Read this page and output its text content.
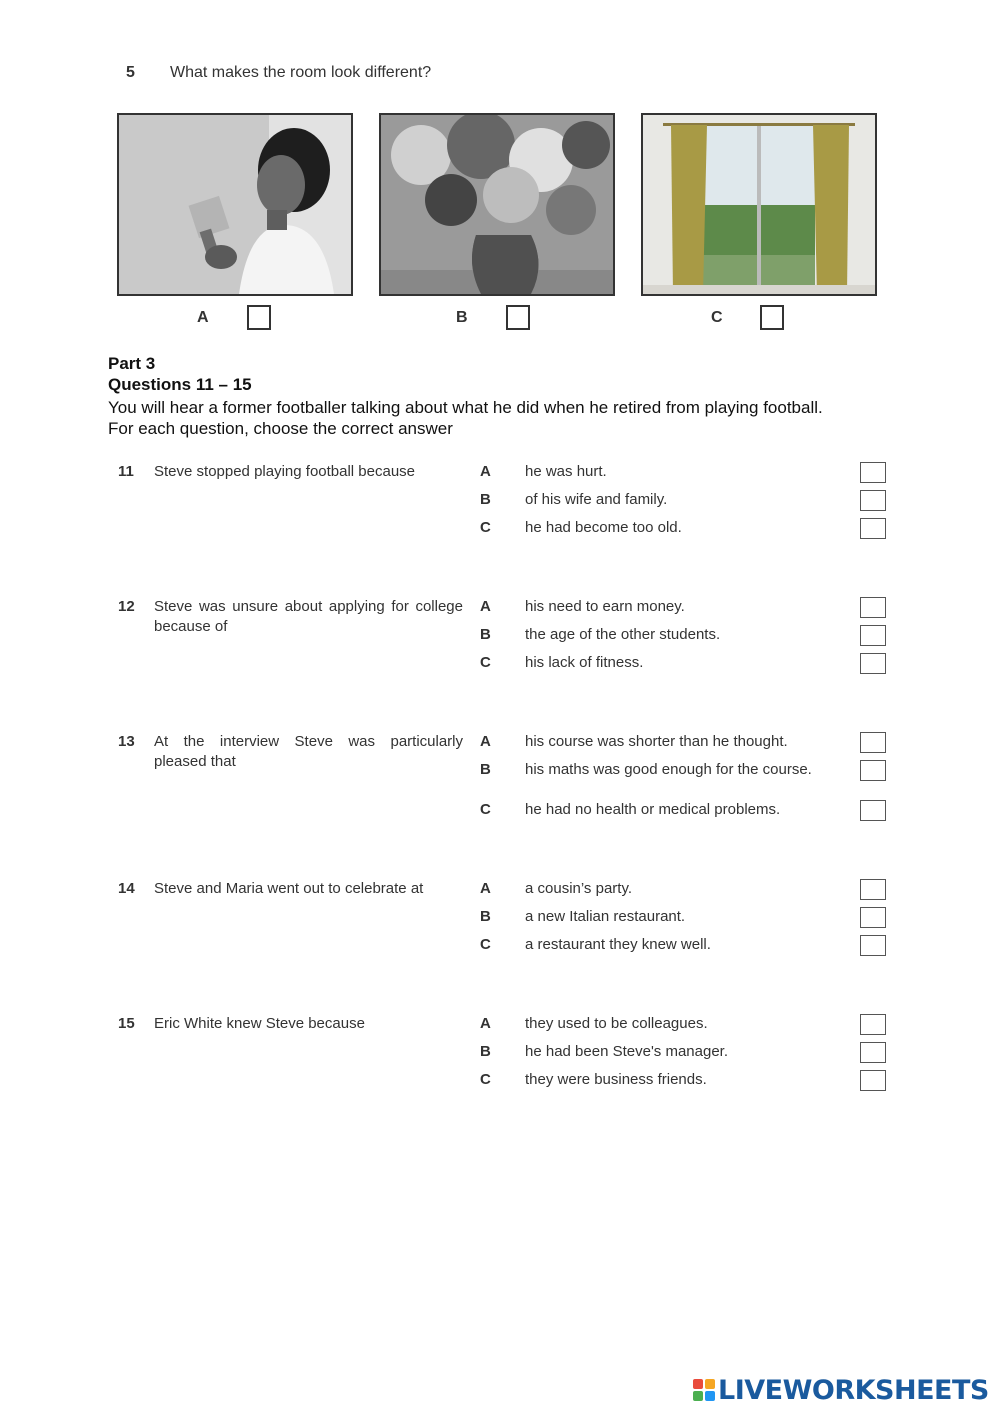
5 What makes the room look different?
A	B	C
Part 3
Questions 11 – 15
You will hear a former footballer talking about what he did when he retired from playing football.
For each question, choose the correct answer
11 Steve stopped playing football because	A he was hurt.
B of his wife and family.
C he had become too old.
12 Steve was unsure about applying for college because of
A his need to earn money.
B the age of the other students.
C his lack of fitness.
13 At the interview Steve was particularly pleased that
A his course was shorter than he thought.
B his maths was good enough for the course.
C he had no health or medical problems.
14 Steve and Maria went out to celebrate at	A a cousin’s party.
B a new Italian restaurant.
C a restaurant they knew well.
15 Eric White knew Steve because	A they used to be colleagues.
B he had been Steve's manager.
C they were business friends.
LIVEWORKSHEETS
